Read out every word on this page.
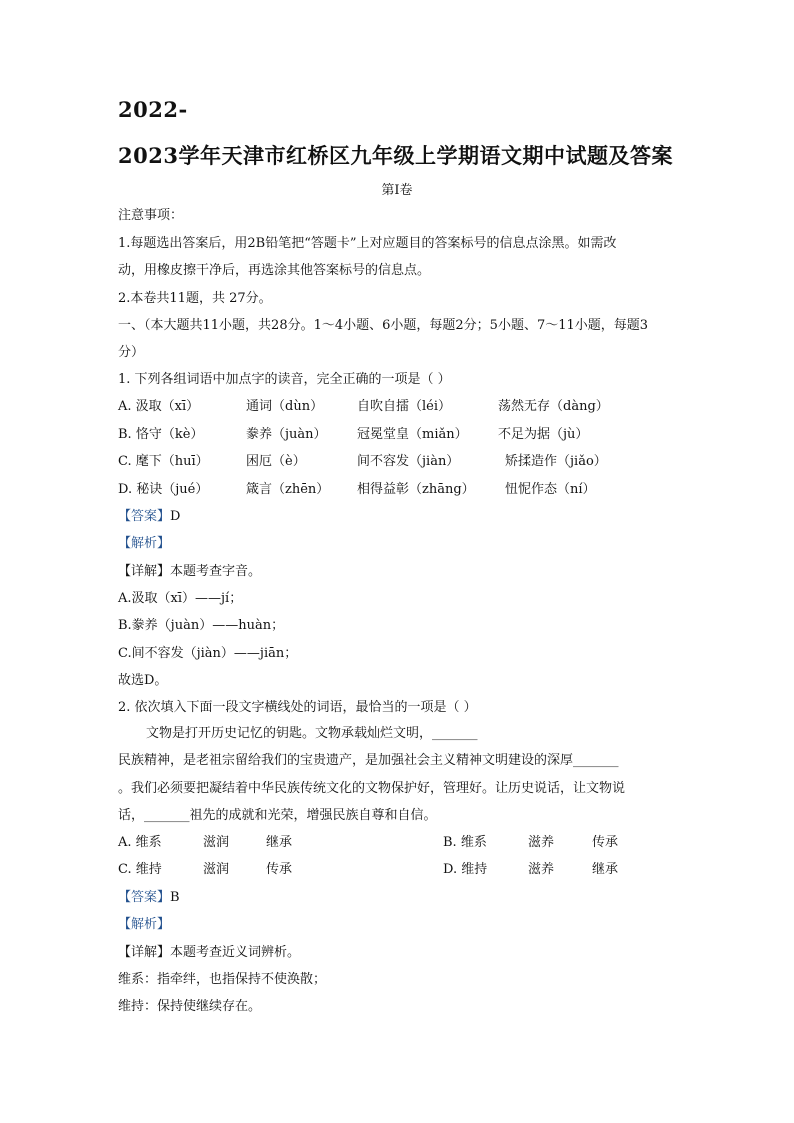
2022-
2023学年天津市红桥区九年级上学期语文期中试题及答案
第Ⅰ卷
注意事项：
1.每题选出答案后，用2B铅笔把“答题卡”上对应题目的答案标号的信息点涂黑。如需改
动，用橡皮擦干净后，再选涂其他答案标号的信息点。
2.本卷共11题，共 27分。
一、（本大题共11小题，共28分。1～4小题、6小题，每题2分；5小题、7～11小题，每题3
分）
1. 下列各组词语中加点字的读音，完全正确的一项是（ ）
A. 汲取（xī）	通词（dùn）	自吹自擂（léi）	荡然无存（dàng）
B. 恪守（kè）	豢养（juàn） 冠冕堂皇（miǎn） 不足为据（jù）
C. 麾下（huī）	困厄（è）	间不容发（jiàn）	矫揉造作（jiǎo）
D. 秘诀（jué）	箴言（zhēn） 相得益彰（zhāng） 忸怩作态（ní）
【答案】D
【解析】
【详解】本题考查字音。
A.汲取（xī）——jí；
B.豢养（juàn）——huàn；
C.间不容发（jiàn）——jiān；
故选D。
2. 依次填入下面一段文字横线处的词语，最恰当的一项是（ ）
文物是打开历史记忆的钥匙。文物承载灿烂文明，_______
民族精神，是老祖宗留给我们的宝贵遗产，是加强社会主义精神文明建设的深厚_______
。我们必须要把凝结着中华民族传统文化的文物保护好，管理好。让历史说话，让文物说
话，_______祖先的成就和光荣，增强民族自尊和自信。
A. 维系	滋润	继承	B. 维系	滋养	传承
C. 维持	滋润	传承	D. 维持	滋养	继承
【答案】B
【解析】
【详解】本题考查近义词辨析。
维系：指牵绊，也指保持不使涣散；
维持：保持使继续存在。
